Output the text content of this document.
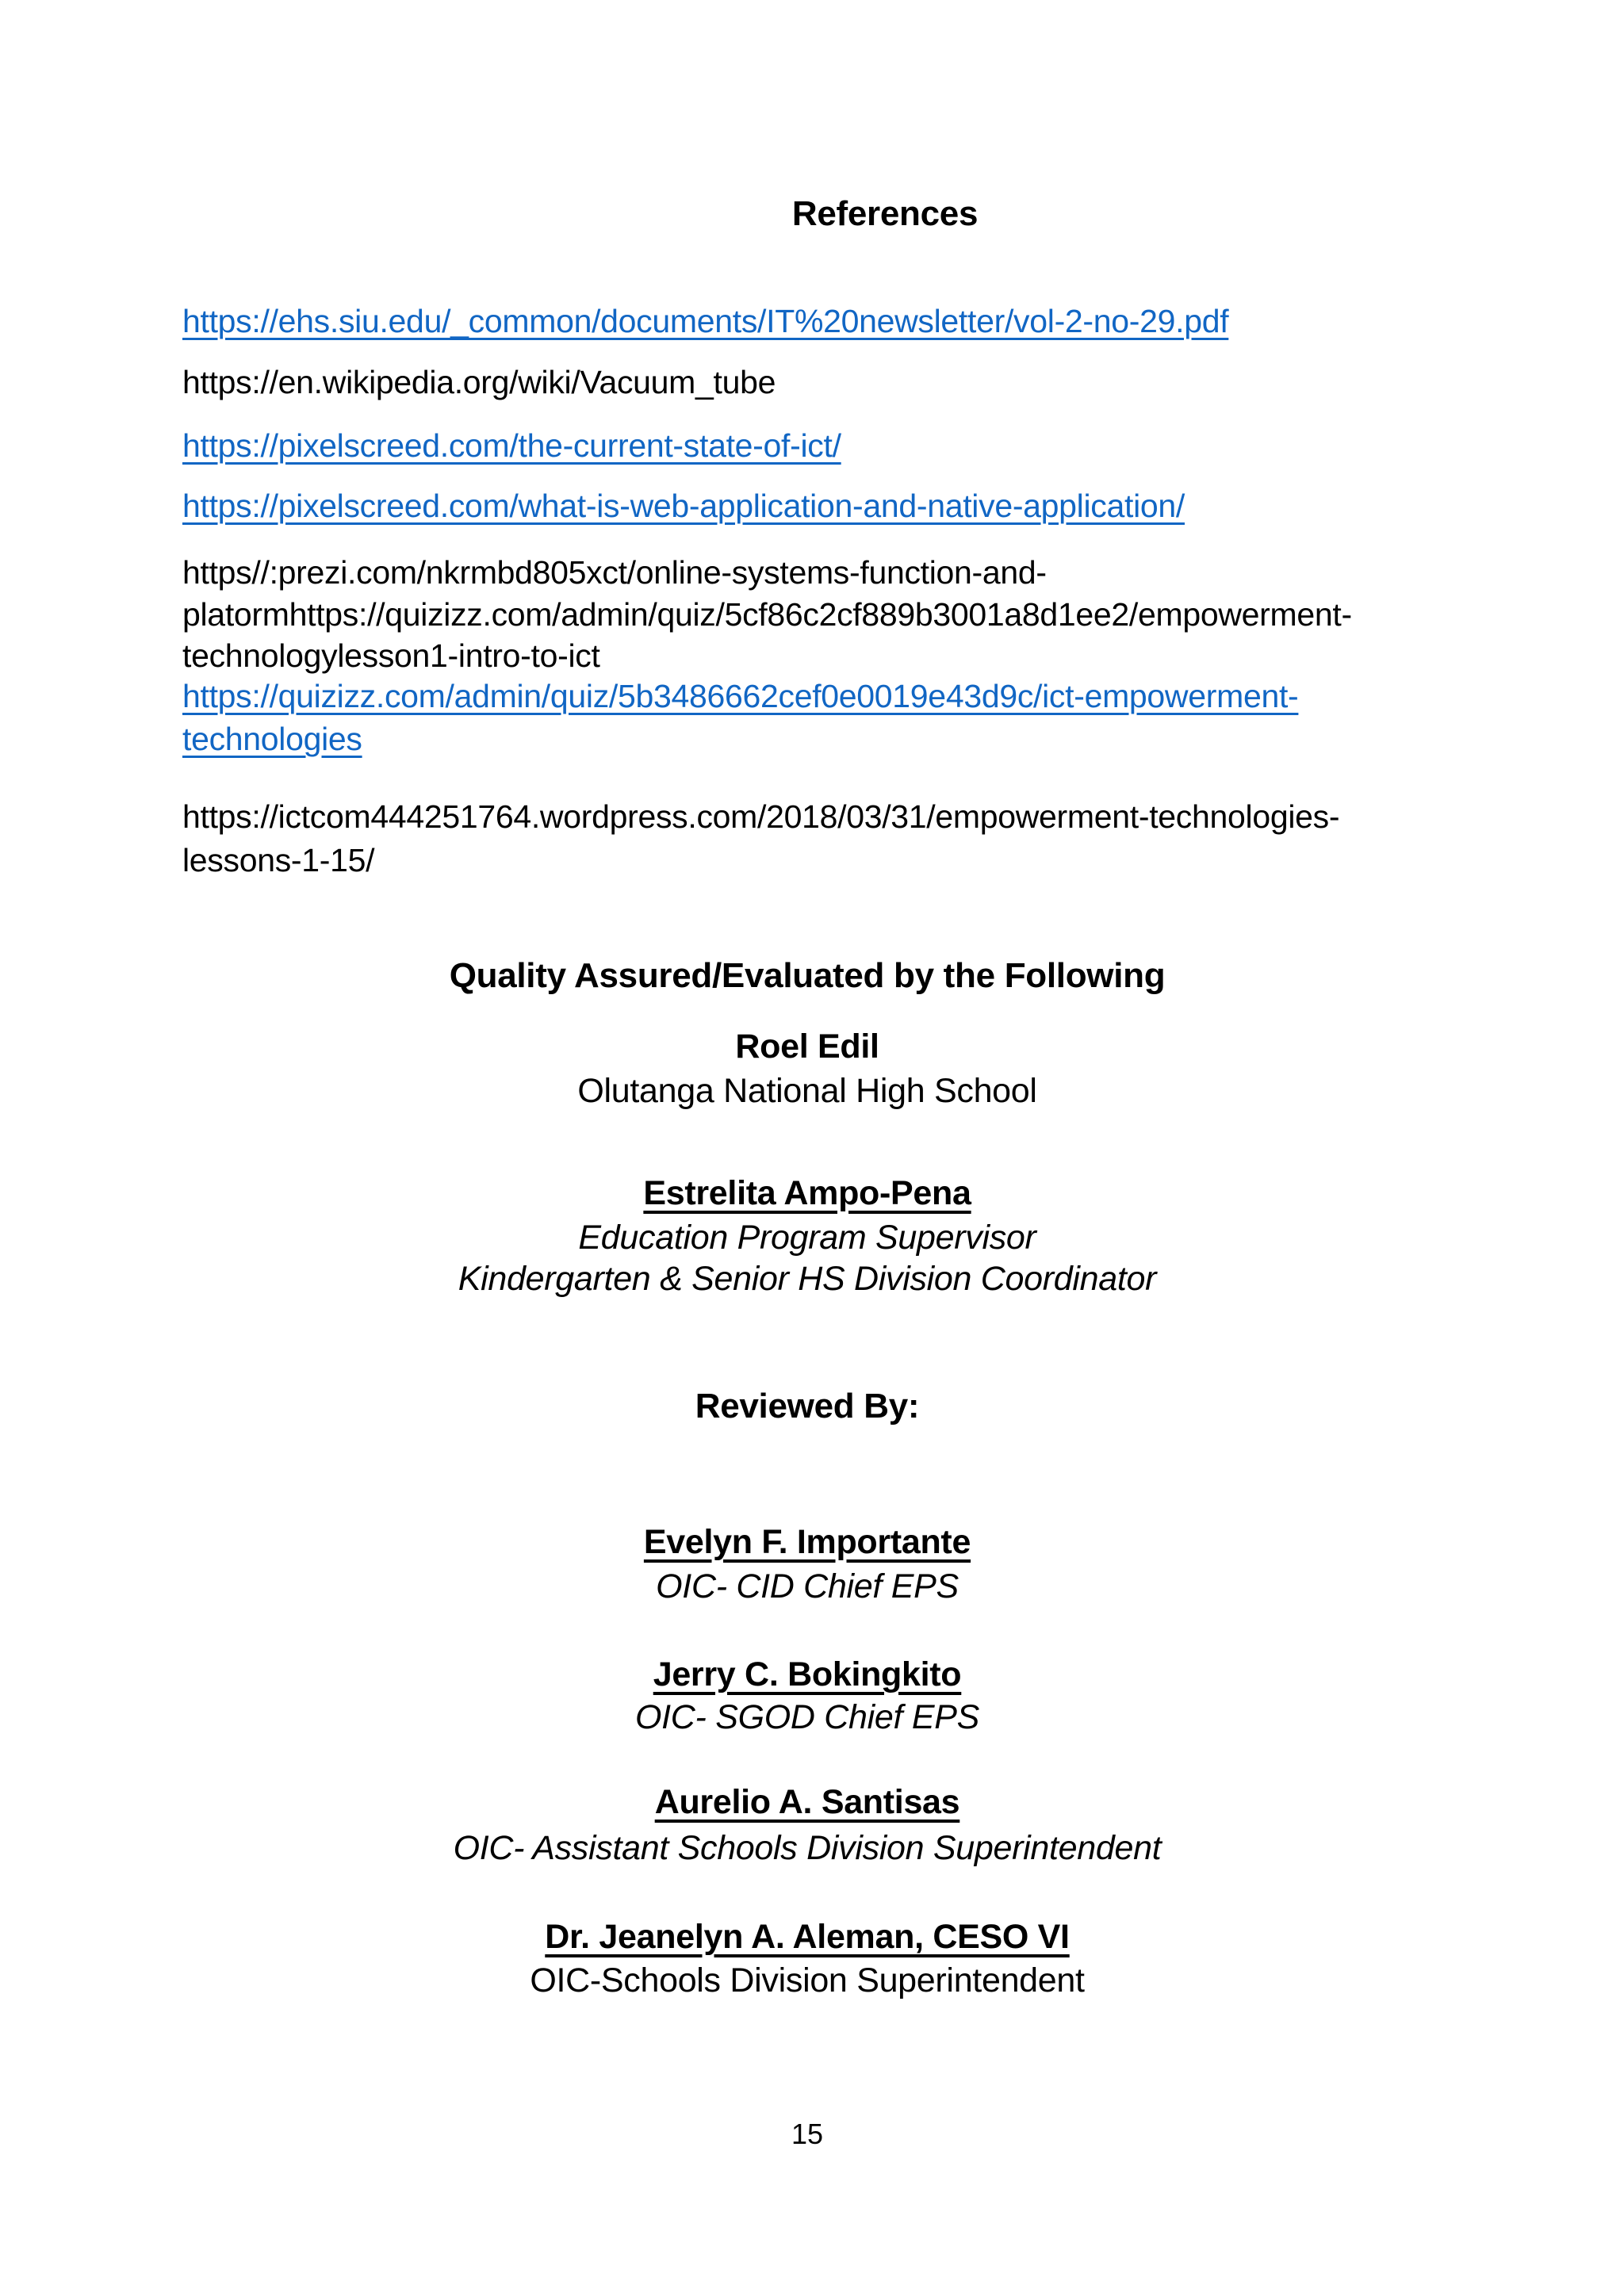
References
https://ehs.siu.edu/_common/documents/IT%20newsletter/vol-2-no-29.pdf
https://en.wikipedia.org/wiki/Vacuum_tube
https://pixelscreed.com/the-current-state-of-ict/
https://pixelscreed.com/what-is-web-application-and-native-application/
https//:prezi.com/nkrmbd805xct/online-systems-function-and-
platormhttps://quizizz.com/admin/quiz/5cf86c2cf889b3001a8d1ee2/empowerment-
technologylesson1-intro-to-ict
https://quizizz.com/admin/quiz/5b3486662cef0e0019e43d9c/ict-empowerment-
technologies
https://ictcom444251764.wordpress.com/2018/03/31/empowerment-technologies-
lessons-1-15/
Quality Assured/Evaluated by the Following
Roel Edil
Olutanga National High School
Estrelita Ampo-Pena
Education Program Supervisor
Kindergarten & Senior HS Division Coordinator
Reviewed By:
Evelyn F. Importante
OIC- CID Chief EPS
Jerry C. Bokingkito
OIC- SGOD Chief EPS
Aurelio A. Santisas
OIC- Assistant Schools Division Superintendent
Dr. Jeanelyn A. Aleman, CESO VI
OIC-Schools Division Superintendent
15
